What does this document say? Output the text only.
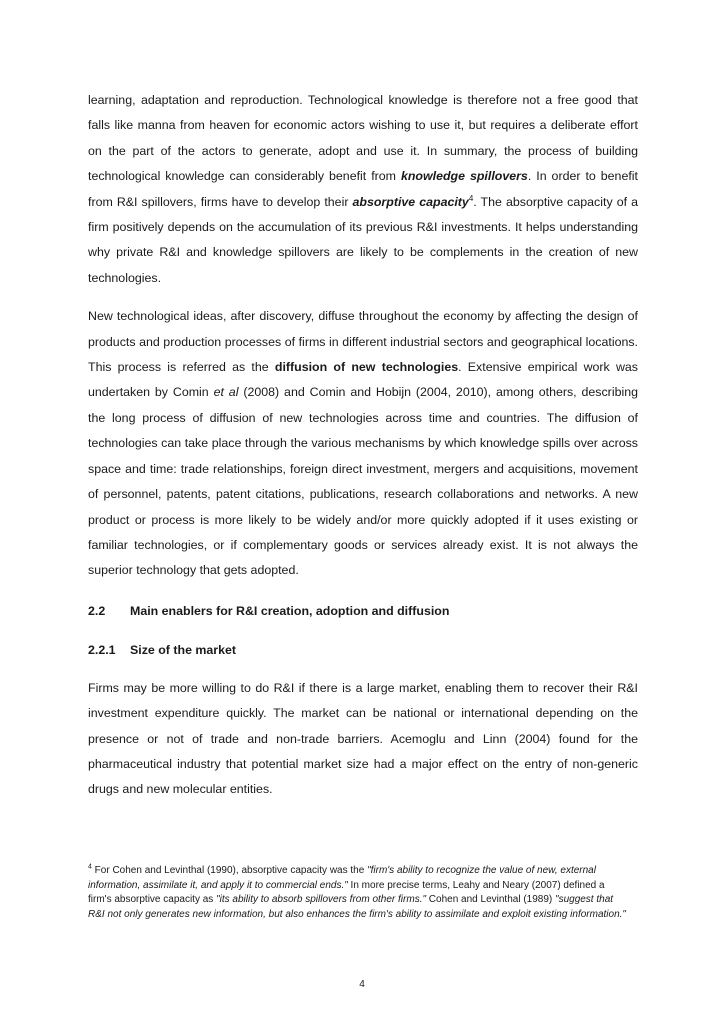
learning, adaptation and reproduction. Technological knowledge is therefore not a free good that falls like manna from heaven for economic actors wishing to use it, but requires a deliberate effort on the part of the actors to generate, adopt and use it. In summary, the process of building technological knowledge can considerably benefit from knowledge spillovers. In order to benefit from R&I spillovers, firms have to develop their absorptive capacity$^4$. The absorptive capacity of a firm positively depends on the accumulation of its previous R&I investments. It helps understanding why private R&I and knowledge spillovers are likely to be complements in the creation of new technologies.

New technological ideas, after discovery, diffuse throughout the economy by affecting the design of products and production processes of firms in different industrial sectors and geographical locations. This process is referred as the diffusion of new technologies. Extensive empirical work was undertaken by Comin et al (2008) and Comin and Hobijn (2004, 2010), among others, describing the long process of diffusion of new technologies across time and countries. The diffusion of technologies can take place through the various mechanisms by which knowledge spills over across space and time: trade relationships, foreign direct investment, mergers and acquisitions, movement of personnel, patents, patent citations, publications, research collaborations and networks. A new product or process is more likely to be widely and/or more quickly adopted if it uses existing or familiar technologies, or if complementary goods or services already exist. It is not always the superior technology that gets adopted.

2.2 Main enablers for R&I creation, adoption and diffusion
2.2.1 Size of the market

Firms may be more willing to do R&I if there is a large market, enabling them to recover their R&I investment expenditure quickly. The market can be national or international depending on the presence or not of trade and non-trade barriers. Acemoglu and Linn (2004) found for the pharmaceutical industry that potential market size had a major effect on the entry of non-generic drugs and new molecular entities.

$^4$ For Cohen and Levinthal (1990), absorptive capacity was the "firm's ability to recognize the value of new, external information, assimilate it, and apply it to commercial ends." In more precise terms, Leahy and Neary (2007) defined a firm's absorptive capacity as "its ability to absorb spillovers from other firms." Cohen and Levinthal (1989) "suggest that R&I not only generates new information, but also enhances the firm's ability to assimilate and exploit existing information."
4
